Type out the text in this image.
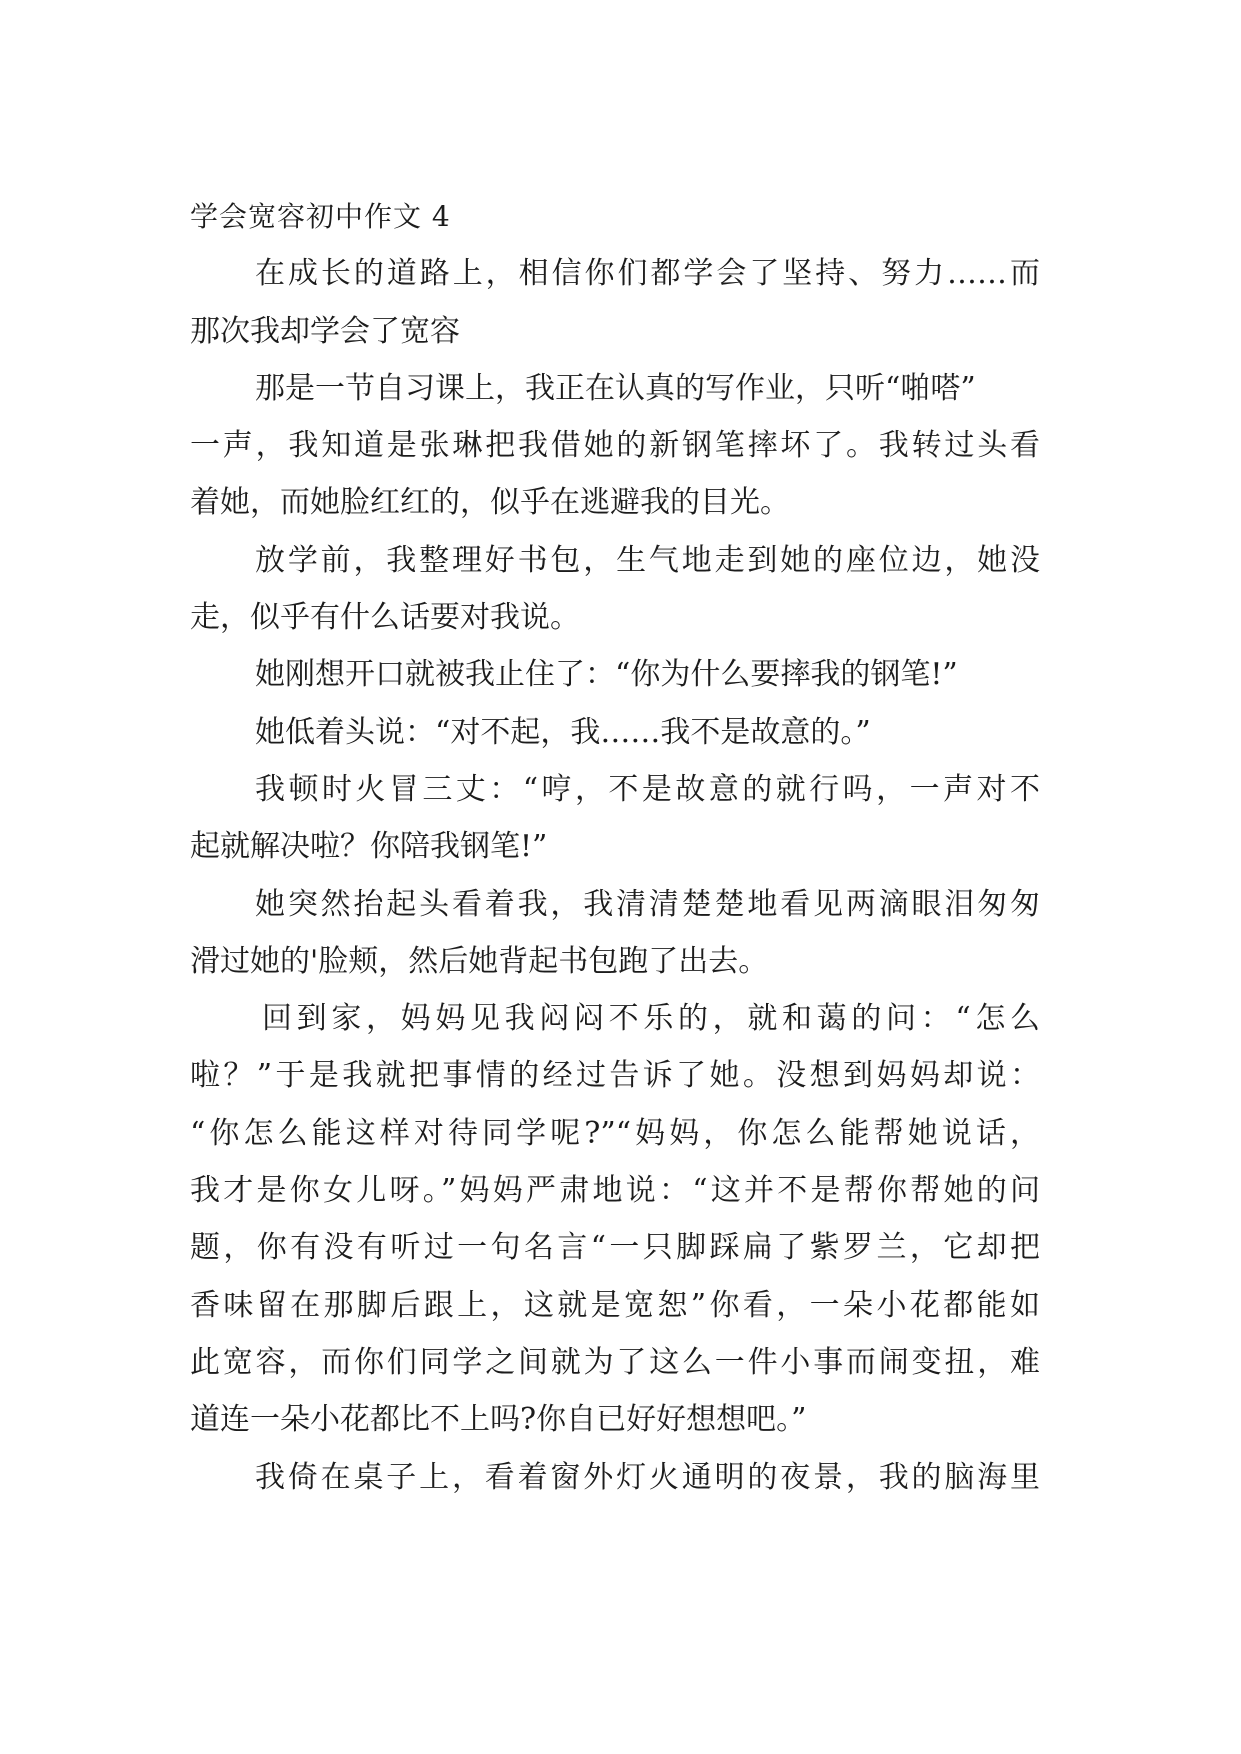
学会宽容初中作文 4
在成长的道路上，相信你们都学会了坚持、努力……而
那次我却学会了宽容
那是一节自习课上，我正在认真的写作业，只听“啪嗒”
一声，我知道是张琳把我借她的新钢笔摔坏了。我转过头看
着她，而她脸红红的，似乎在逃避我的目光。
放学前，我整理好书包，生气地走到她的座位边，她没
走，似乎有什么话要对我说。
她刚想开口就被我止住了：“你为什么要摔我的钢笔!”
她低着头说：“对不起，我……我不是故意的。”
我顿时火冒三丈：“哼，不是故意的就行吗，一声对不
起就解决啦？你陪我钢笔!”
她突然抬起头看着我，我清清楚楚地看见两滴眼泪匆匆
滑过她的'脸颊，然后她背起书包跑了出去。
回到家，妈妈见我闷闷不乐的，就和蔼的问：“怎么
啦？”于是我就把事情的经过告诉了她。没想到妈妈却说：
“你怎么能这样对待同学呢?”“妈妈，你怎么能帮她说话，
我才是你女儿呀。”妈妈严肃地说：“这并不是帮你帮她的问
题，你有没有听过一句名言“一只脚踩扁了紫罗兰，它却把
香味留在那脚后跟上，这就是宽恕”你看，一朵小花都能如
此宽容，而你们同学之间就为了这么一件小事而闹变扭，难
道连一朵小花都比不上吗?你自已好好想想吧。”
我倚在桌子上，看着窗外灯火通明的夜景，我的脑海里
